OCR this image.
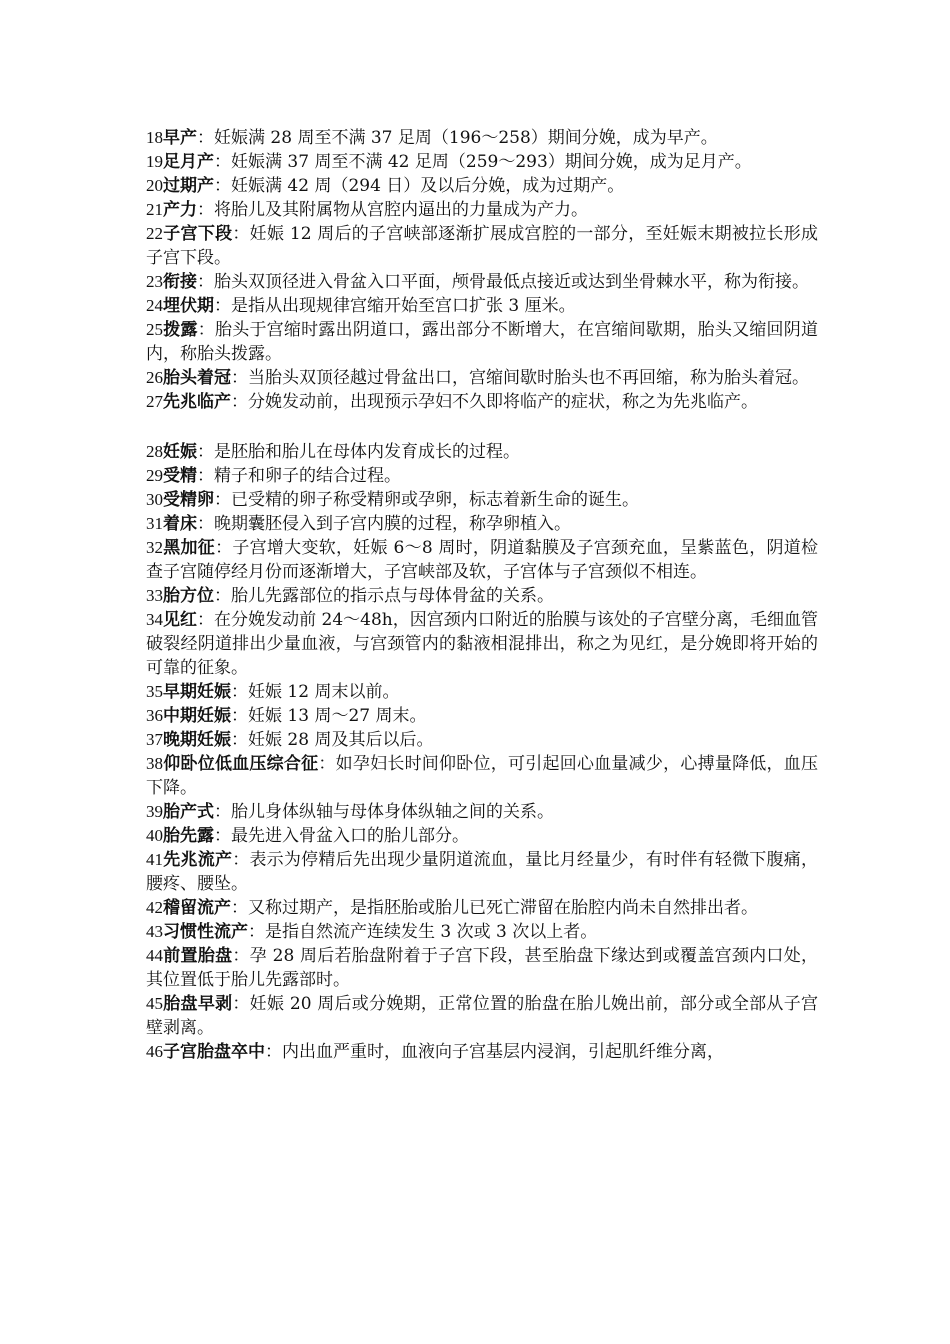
18早产：妊娠满 28 周至不满 37 足周（196～258）期间分娩，成为早产。

19足月产：妊娠满 37 周至不满 42 足周（259～293）期间分娩，成为足月产。

20过期产：妊娠满 42 周（294 日）及以后分娩，成为过期产。

21产力：将胎儿及其附属物从宫腔内逼出的力量成为产力。

22子宫下段：妊娠 12 周后的子宫峡部逐渐扩展成宫腔的一部分，至妊娠末期被拉长形成子宫下段。

23衔接：胎头双顶径进入骨盆入口平面，颅骨最低点接近或达到坐骨棘水平，称为衔接。

24埋伏期：是指从出现规律宫缩开始至宫口扩张 3 厘米。

25拨露：胎头于宫缩时露出阴道口，露出部分不断增大，在宫缩间歇期，胎头又缩回阴道内，称胎头拨露。

26胎头着冠：当胎头双顶径越过骨盆出口，宫缩间歇时胎头也不再回缩，称为胎头着冠。

27先兆临产：分娩发动前，出现预示孕妇不久即将临产的症状，称之为先兆临产。

28妊娠：是胚胎和胎儿在母体内发育成长的过程。

29受精：精子和卵子的结合过程。

30受精卵：已受精的卵子称受精卵或孕卵，标志着新生命的诞生。

31着床：晚期囊胚侵入到子宫内膜的过程，称孕卵植入。

32黑加征：子宫增大变软，妊娠 6～8 周时，阴道黏膜及子宫颈充血，呈紫蓝色，阴道检查子宫随停经月份而逐渐增大，子宫峡部及软，子宫体与子宫颈似不相连。

33胎方位：胎儿先露部位的指示点与母体骨盆的关系。

34见红：在分娩发动前 24～48h，因宫颈内口附近的胎膜与该处的子宫壁分离，毛细血管破裂经阴道排出少量血液，与宫颈管内的黏液相混排出，称之为见红，是分娩即将开始的可靠的征象。

35早期妊娠：妊娠 12 周末以前。

36中期妊娠：妊娠 13 周～27 周末。

37晚期妊娠：妊娠 28 周及其后以后。

38仰卧位低血压综合征：如孕妇长时间仰卧位，可引起回心血量减少，心搏量降低，血压下降。

39胎产式：胎儿身体纵轴与母体身体纵轴之间的关系。

40胎先露：最先进入骨盆入口的胎儿部分。

41先兆流产：表示为停精后先出现少量阴道流血，量比月经量少，有时伴有轻微下腹痛，腰疼、腰坠。

42稽留流产：又称过期产，是指胚胎或胎儿已死亡滞留在胎腔内尚未自然排出者。

43习惯性流产：是指自然流产连续发生 3 次或 3 次以上者。

44前置胎盘：孕 28 周后若胎盘附着于子宫下段，甚至胎盘下缘达到或覆盖宫颈内口处，其位置低于胎儿先露部时。

45胎盘早剥：妊娠 20 周后或分娩期，正常位置的胎盘在胎儿娩出前，部分或全部从子宫壁剥离。

46子宫胎盘卒中：内出血严重时，血液向子宫基层内浸润，引起肌纤维分离，
